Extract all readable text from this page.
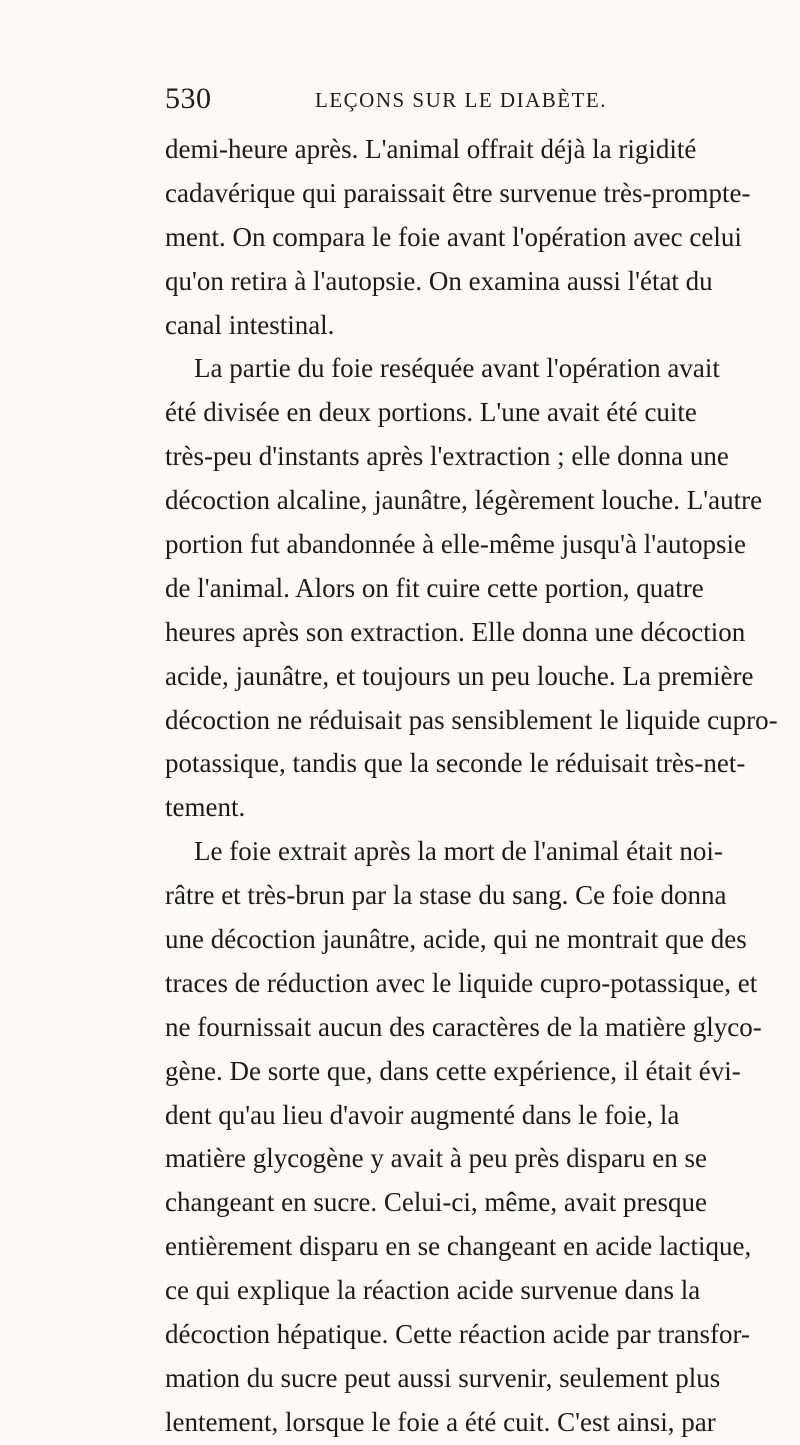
530	LEÇONS SUR LE DIABÈTE.
demi-heure après. L'animal offrait déjà la rigidité
cadavérique qui paraissait être survenue très-prompte-
ment. On compara le foie avant l'opération avec celui
qu'on retira à l'autopsie. On examina aussi l'état du
canal intestinal.
La partie du foie reséquée avant l'opération avait
été divisée en deux portions. L'une avait été cuite
très-peu d'instants après l'extraction ; elle donna une
décoction alcaline, jaunâtre, légèrement louche. L'autre
portion fut abandonnée à elle-même jusqu'à l'autopsie
de l'animal. Alors on fit cuire cette portion, quatre
heures après son extraction. Elle donna une décoction
acide, jaunâtre, et toujours un peu louche. La première
décoction ne réduisait pas sensiblement le liquide cupro-
potassique, tandis que la seconde le réduisait très-net-
tement.
Le foie extrait après la mort de l'animal était noi-
râtre et très-brun par la stase du sang. Ce foie donna
une décoction jaunâtre, acide, qui ne montrait que des
traces de réduction avec le liquide cupro-potassique, et
ne fournissait aucun des caractères de la matière glyco-
gène. De sorte que, dans cette expérience, il était évi-
dent qu'au lieu d'avoir augmenté dans le foie, la
matière glycogène y avait à peu près disparu en se
changeant en sucre. Celui-ci, même, avait presque
entièrement disparu en se changeant en acide lactique,
ce qui explique la réaction acide survenue dans la
décoction hépatique. Cette réaction acide par transfor-
mation du sucre peut aussi survenir, seulement plus
lentement, lorsque le foie a été cuit. C'est ainsi, par
